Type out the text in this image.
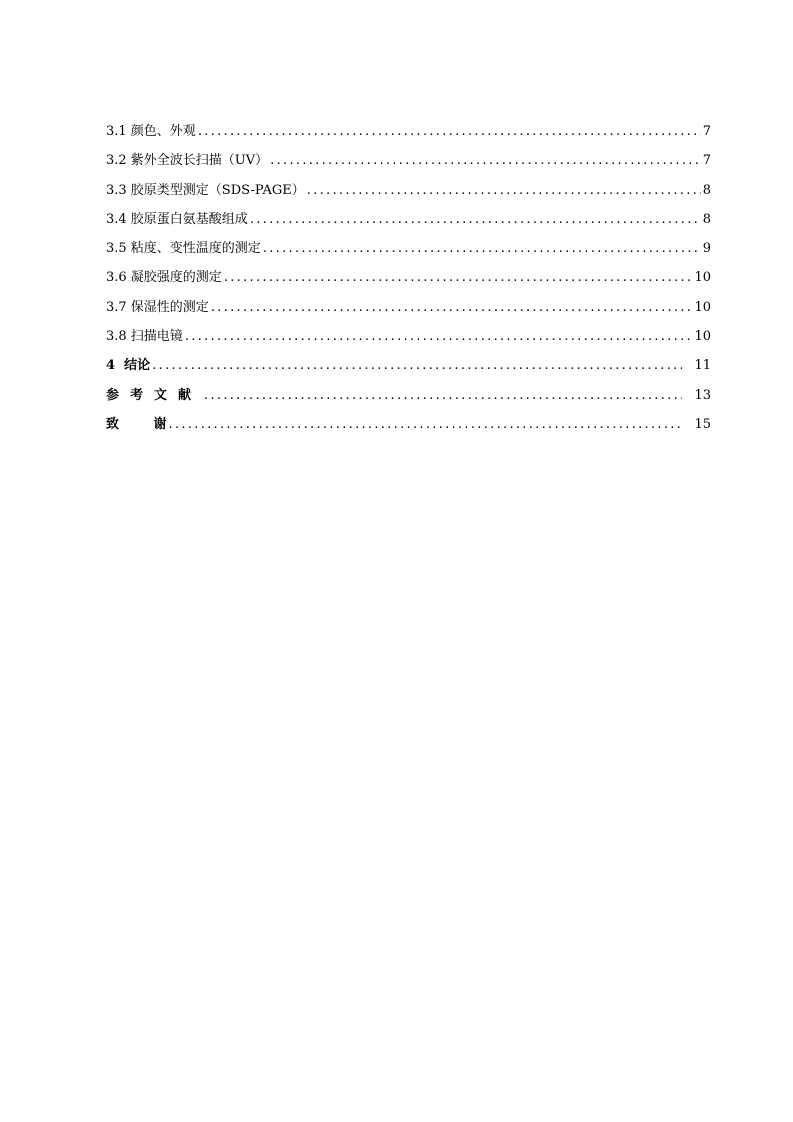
3.1 颜色、外观 .....	7
3.2 紫外全波长扫描（UV） .....	7
3.3 胶原类型测定（SDS-PAGE） .....	8
3.4 胶原蛋白氨基酸组成 .....	8
3.5 粘度、变性温度的测定 .....	9
3.6 凝胶强度的测定 .....	10
3.7 保湿性的测定 .....	10
3.8 扫描电镜 .....	10
4  结论 .....	11
参考文献 .....	13
致 谢 .....	15
